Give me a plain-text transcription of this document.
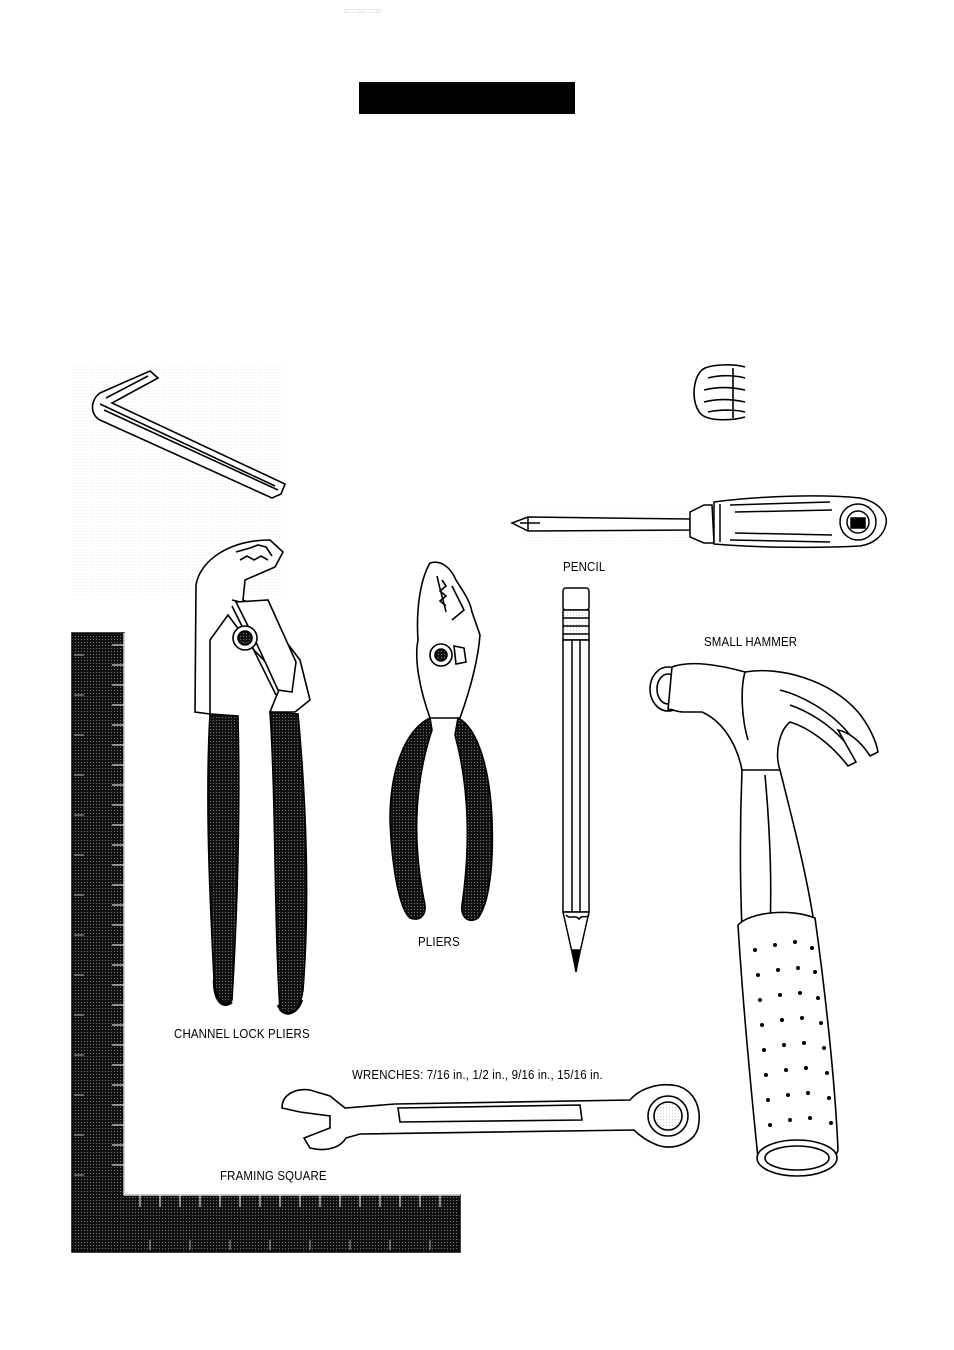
PENCIL
SMALL HAMMER
PLIERS
CHANNEL LOCK PLIERS
WRENCHES: 7/16 in., 1/2 in., 9/16 in., 15/16 in.
FRAMING SQUARE
